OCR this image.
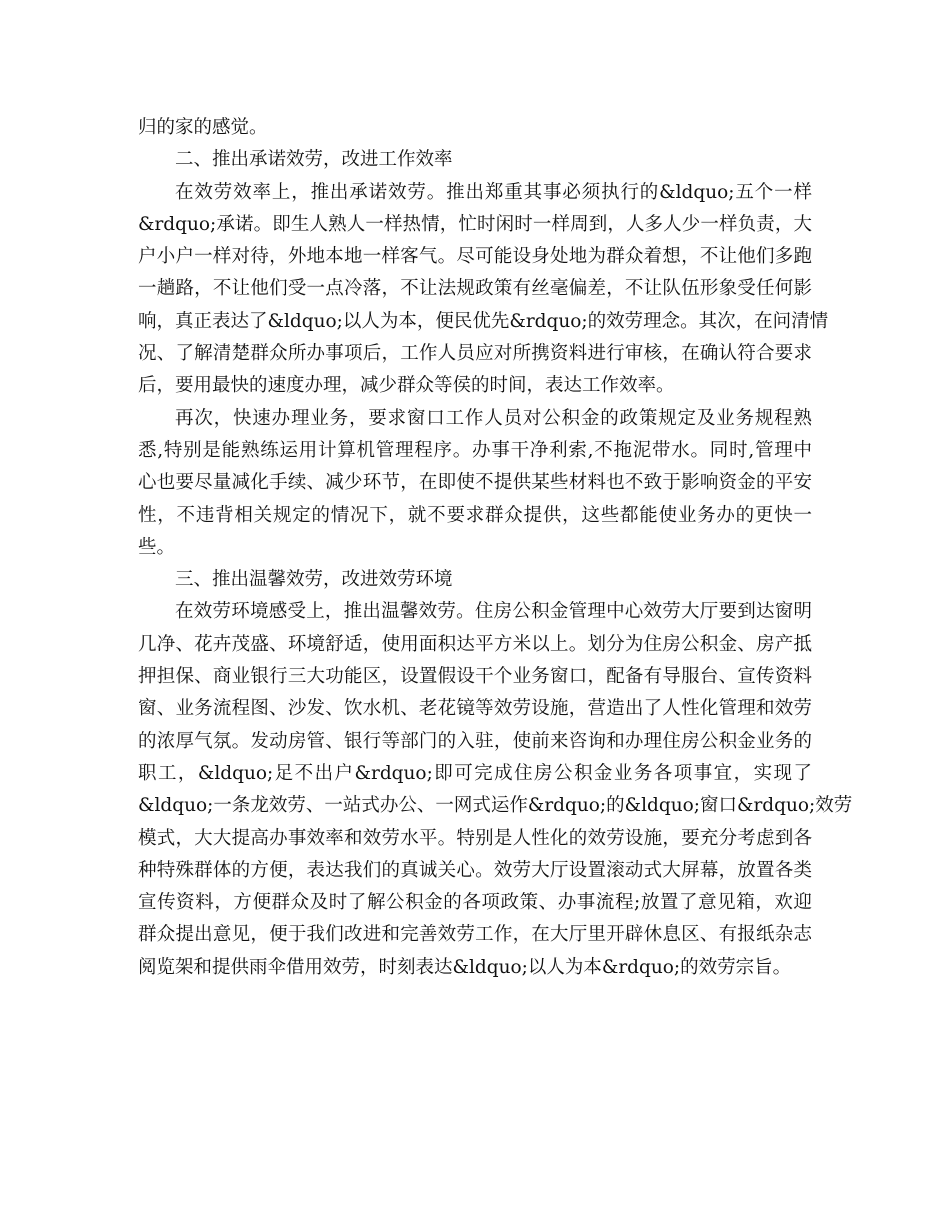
归的家的感觉。
二、推出承诺效劳，改进工作效率
在效劳效率上，推出承诺效劳。推出郑重其事必须执行的&ldquo;五个一样
&rdquo;承诺。即生人熟人一样热情，忙时闲时一样周到，人多人少一样负责，大
户小户一样对待，外地本地一样客气。尽可能设身处地为群众着想，不让他们多跑
一趟路，不让他们受一点冷落，不让法规政策有丝毫偏差，不让队伍形象受任何影
响，真正表达了&ldquo;以人为本，便民优先&rdquo;的效劳理念。其次，在问清情
况、了解清楚群众所办事项后，工作人员应对所携资料进行审核，在确认符合要求
后，要用最快的速度办理，减少群众等侯的时间，表达工作效率。
再次，快速办理业务，要求窗口工作人员对公积金的政策规定及业务规程熟
悉,特别是能熟练运用计算机管理程序。办事干净利索,不拖泥带水。同时,管理中
心也要尽量减化手续、减少环节，在即使不提供某些材料也不致于影响资金的平安
性，不违背相关规定的情况下，就不要求群众提供，这些都能使业务办的更快一
些。
三、推出温馨效劳，改进效劳环境
在效劳环境感受上，推出温馨效劳。住房公积金管理中心效劳大厅要到达窗明
几净、花卉茂盛、环境舒适，使用面积达平方米以上。划分为住房公积金、房产抵
押担保、商业银行三大功能区，设置假设干个业务窗口，配备有导服台、宣传资料
窗、业务流程图、沙发、饮水机、老花镜等效劳设施，营造出了人性化管理和效劳
的浓厚气氛。发动房管、银行等部门的入驻，使前来咨询和办理住房公积金业务的
职工，&ldquo;足不出户&rdquo;即可完成住房公积金业务各项事宜，实现了
&ldquo;一条龙效劳、一站式办公、一网式运作&rdquo;的&ldquo;窗口&rdquo;效劳
模式，大大提高办事效率和效劳水平。特别是人性化的效劳设施，要充分考虑到各
种特殊群体的方便，表达我们的真诚关心。效劳大厅设置滚动式大屏幕，放置各类
宣传资料，方便群众及时了解公积金的各项政策、办事流程;放置了意见箱，欢迎
群众提出意见，便于我们改进和完善效劳工作，在大厅里开辟休息区、有报纸杂志
阅览架和提供雨伞借用效劳，时刻表达&ldquo;以人为本&rdquo;的效劳宗旨。
